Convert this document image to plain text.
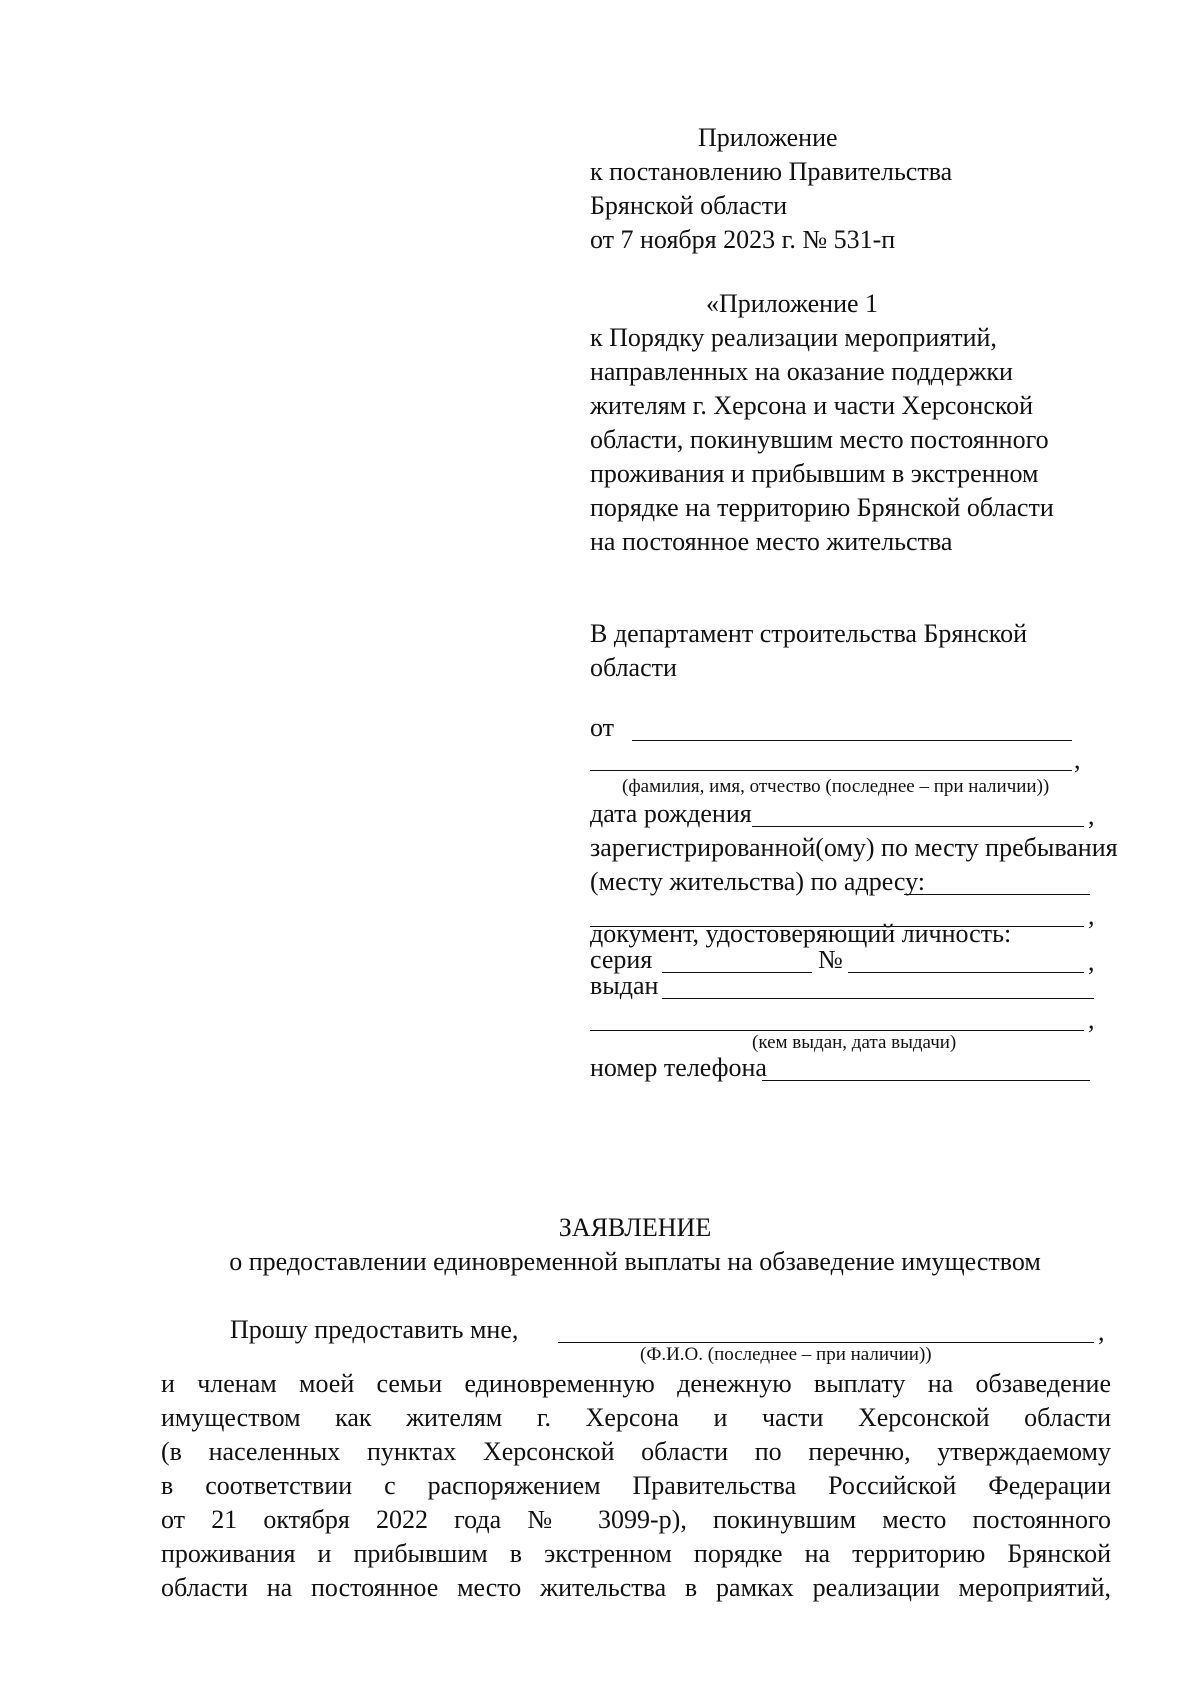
Приложение
к постановлению Правительства
Брянской области
от 7 ноября 2023 г. № 531-п
«Приложение 1
к Порядку реализации мероприятий,
направленных на оказание поддержки
жителям г. Херсона и части Херсонской
области, покинувшим место постоянного
проживания и прибывшим в экстренном
порядке на территорию Брянской области
на постоянное место жительства
В департамент строительства Брянской
области
от
,
(фамилия, имя, отчество (последнее – при наличии))
дата рождения	,
зарегистрированной(ому) по месту пребывания
(месту жительства) по адресу:
,
документ, удостоверяющий личность:
серия	№	,
выдан
,
(кем выдан, дата выдачи)
номер телефона
ЗАЯВЛЕНИЕ
о предоставлении единовременной выплаты на обзаведение имуществом
Прошу предоставить мне,	,
(Ф.И.О. (последнее – при наличии))
и членам моей семьи единовременную денежную выплату на обзаведение
имуществом как жителям г. Херсона и части Херсонской области
(в населенных пунктах Херсонской области по перечню, утверждаемому
в соответствии с распоряжением Правительства Российской Федерации
от 21 октября 2022 года № 3099-р), покинувшим место постоянного
проживания и прибывшим в экстренном порядке на территорию Брянской
области на постоянное место жительства в рамках реализации мероприятий,
